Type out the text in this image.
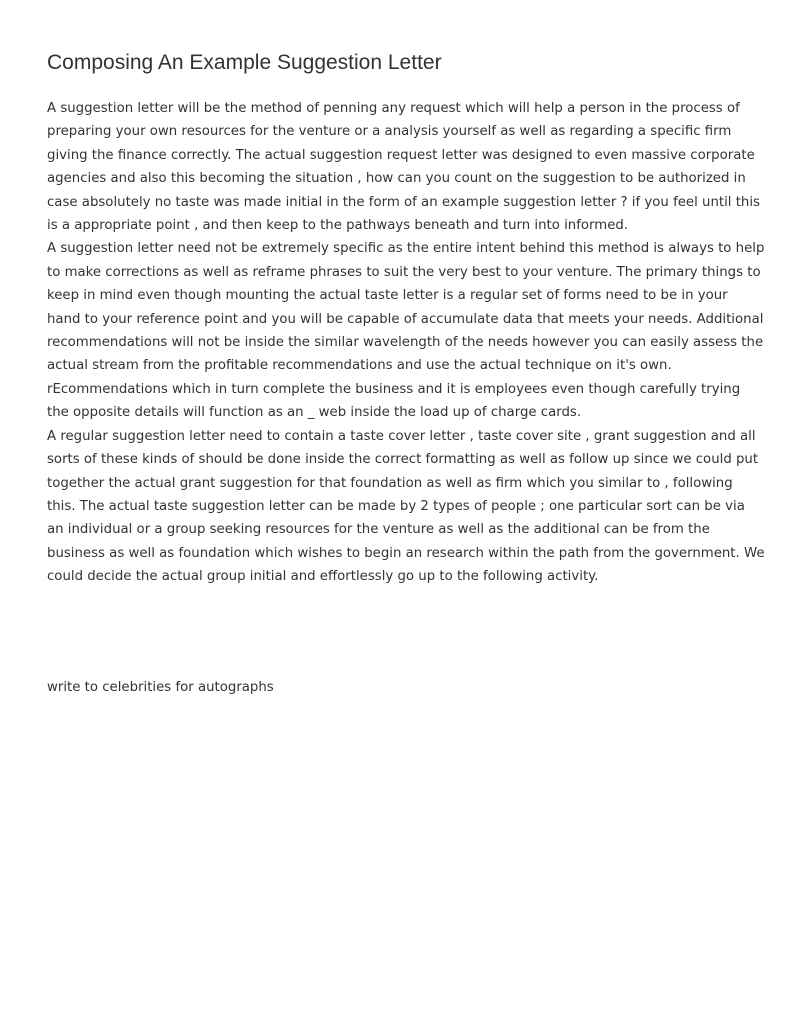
Composing An Example Suggestion Letter

A suggestion letter will be the method of penning any request which will help a person in the process of preparing your own resources for the venture or a analysis yourself as well as regarding a specific firm giving the finance correctly. The actual suggestion request letter was designed to even massive corporate agencies and also this becoming the situation , how can you count on the suggestion to be authorized in case absolutely no taste was made initial in the form of an example suggestion letter ? if you feel until this is a appropriate point , and then keep to the pathways beneath and turn into informed.

A suggestion letter need not be extremely specific as the entire intent behind this method is always to help to make corrections as well as reframe phrases to suit the very best to your venture. The primary things to keep in mind even though mounting the actual taste letter is a regular set of forms need to be in your hand to your reference point and you will be capable of accumulate data that meets your needs. Additional recommendations will not be inside the similar wavelength of the needs however you can easily assess the actual stream from the profitable recommendations and use the actual technique on it's own. rEcommendations which in turn complete the business and it is employees even though carefully trying the opposite details will function as an _ web inside the load up of charge cards.

A regular suggestion letter need to contain a taste cover letter , taste cover site , grant suggestion and all sorts of these kinds of should be done inside the correct formatting as well as follow up since we could put together the actual grant suggestion for that foundation as well as firm which you similar to , following this. The actual taste suggestion letter can be made by 2 types of people ; one particular sort can be via an individual or a group seeking resources for the venture as well as the additional can be from the business as well as foundation which wishes to begin an research within the path from the government. We could decide the actual group initial and effortlessly go up to the following activity.

write to celebrities for autographs
